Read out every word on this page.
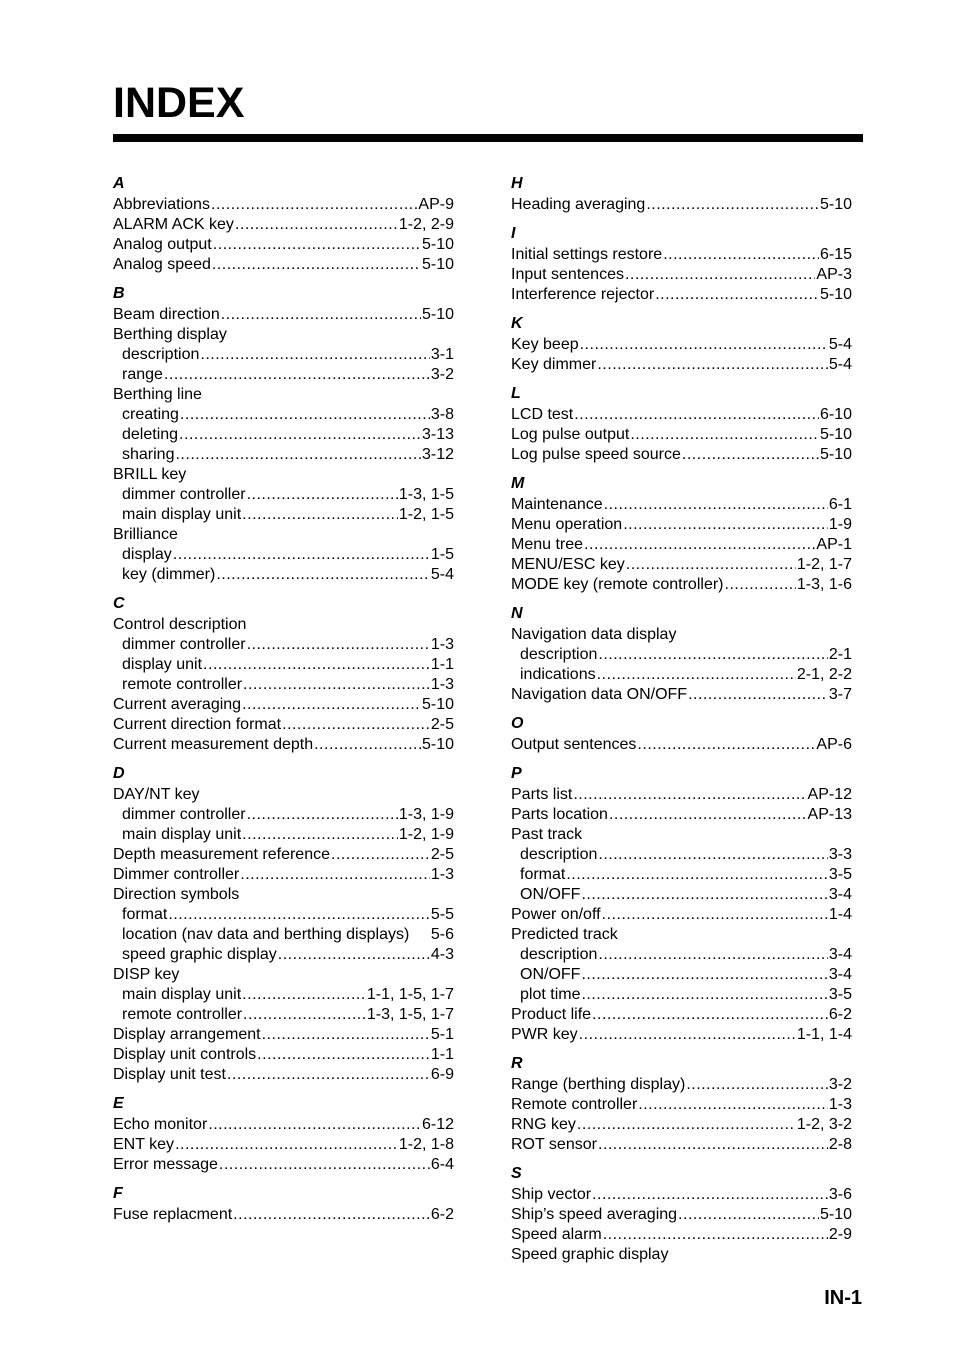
INDEX
A
Abbreviations .....	AP-9
ALARM ACK key .....	1-2, 2-9
Analog output .....	5-10
Analog speed .....	5-10
B
Beam direction .....	5-10
Berthing display
description .....	3-1
range .....	3-2
Berthing line
creating .....	3-8
deleting .....	3-13
sharing .....	3-12
BRILL key
dimmer controller .....	1-3, 1-5
main display unit .....	1-2, 1-5
Brilliance
display .....	1-5
key (dimmer) .....	5-4
C
Control description
dimmer controller .....	1-3
display unit .....	1-1
remote controller .....	1-3
Current averaging .....	5-10
Current direction format .....	2-5
Current measurement depth .....	5-10
D
DAY/NT key
dimmer controller .....	1-3, 1-9
main display unit .....	1-2, 1-9
Depth measurement reference .....	2-5
Dimmer controller .....	1-3
Direction symbols
format .....	5-5
location (nav data and berthing displays) 5-6
speed graphic display .....	4-3
DISP key
main display unit .....	1-1, 1-5, 1-7
remote controller .....	1-3, 1-5, 1-7
Display arrangement .....	5-1
Display unit controls .....	1-1
Display unit test .....	6-9
E
Echo monitor .....	6-12
ENT key .....	1-2, 1-8
Error message .....	6-4
F
Fuse replacment .....	6-2
H
Heading averaging .....	5-10
I
Initial settings restore .....	6-15
Input sentences .....	AP-3
Interference rejector .....	5-10
K
Key beep .....	5-4
Key dimmer .....	5-4
L
LCD test .....	6-10
Log pulse output .....	5-10
Log pulse speed source .....	5-10
M
Maintenance .....	6-1
Menu operation .....	1-9
Menu tree .....	AP-1
MENU/ESC key .....	1-2, 1-7
MODE key (remote controller) .....	1-3, 1-6
N
Navigation data display
description .....	2-1
indications .....	2-1, 2-2
Navigation data ON/OFF .....	3-7
O
Output sentences .....	AP-6
P
Parts list .....	AP-12
Parts location .....	AP-13
Past track
description .....	3-3
format .....	3-5
ON/OFF .....	3-4
Power on/off .....	1-4
Predicted track
description .....	3-4
ON/OFF .....	3-4
plot time .....	3-5
Product life .....	6-2
PWR key .....	1-1, 1-4
R
Range (berthing display) .....	3-2
Remote controller .....	1-3
RNG key .....	1-2, 3-2
ROT sensor .....	2-8
S
Ship vector .....	3-6
Ship’s speed averaging .....	5-10
Speed alarm .....	2-9
Speed graphic display
IN-1
